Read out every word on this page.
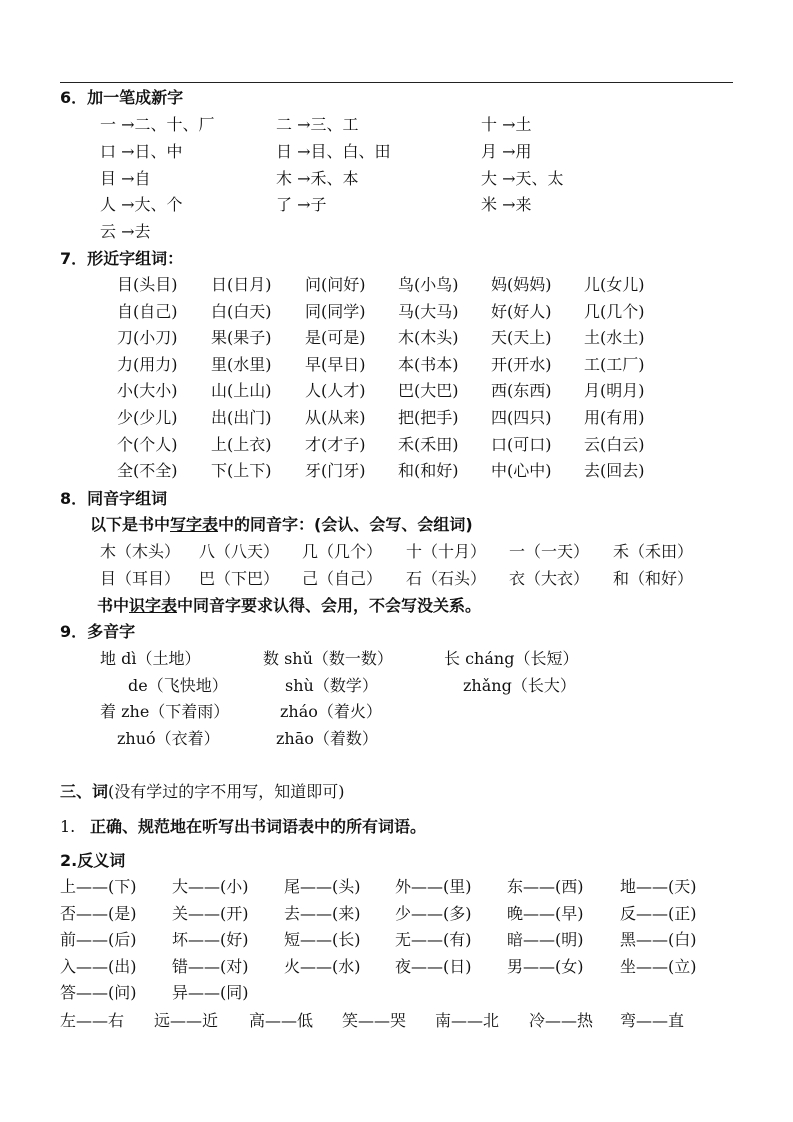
6．加一笔成新字
一 →二、十、厂	二 →三、工	十 →土
口 →日、中	日 →目、白、田	月 →用
目 →自	木 →禾、本	大 →天、太
人 →大、个	了 →子	米 →来
云 →去
7．形近字组词：
目(头目) 日(日月) 问(问好) 鸟(小鸟) 妈(妈妈) 儿(女儿)
自(自己) 白(白天) 同(同学) 马(大马) 好(好人) 几(几个)
刀(小刀) 果(果子) 是(可是) 木(木头) 天(天上) 土(水土)
力(用力) 里(水里) 早(早日) 本(书本) 开(开水) 工(工厂)
小(大小) 山(上山) 人(人才) 巴(大巴) 西(东西) 月(明月)
少(少儿) 出(出门) 从(从来) 把(把手) 四(四只) 用(有用)
个(个人) 上(上衣) 才(才子) 禾(禾田) 口(可口) 云(白云)
全(不全) 下(上下) 牙(门牙) 和(和好) 中(心中) 去(回去)
8．同音字组词
以下是书中写字表中的同音字：(会认、会写、会组词)
木（木头） 八（八天） 几（几个） 十（十月） 一（一天） 禾（禾田）
目（耳目） 巴（下巴） 己（自己） 石（石头） 衣（大衣） 和（和好）
书中识字表中同音字要求认得、会用，不会写没关系。
9．多音字
地 dì（土地）	数 shǔ（数一数）	长 cháng（长短）
de（飞快地）	shù（数学）	zhǎng（长大）
着 zhe（下着雨）	zháo（着火）
zhuó（衣着）	zhāo（着数）
三、词(没有学过的字不用写，知道即可)
1. 正确、规范地在听写出书词语表中的所有词语。
2.反义词
上——(下) 大——(小) 尾——(头) 外——(里) 东——(西) 地——(天)
否——(是) 关——(开) 去——(来) 少——(多) 晚——(早) 反——(正)
前——(后) 坏——(好) 短——(长) 无——(有) 暗——(明) 黑——(白)
入——(出) 错——(对) 火——(水) 夜——(日) 男——(女) 坐——(立)
答——(问) 异——(同)
左——右 远——近 高——低 笑——哭 南——北 冷——热 弯——直
